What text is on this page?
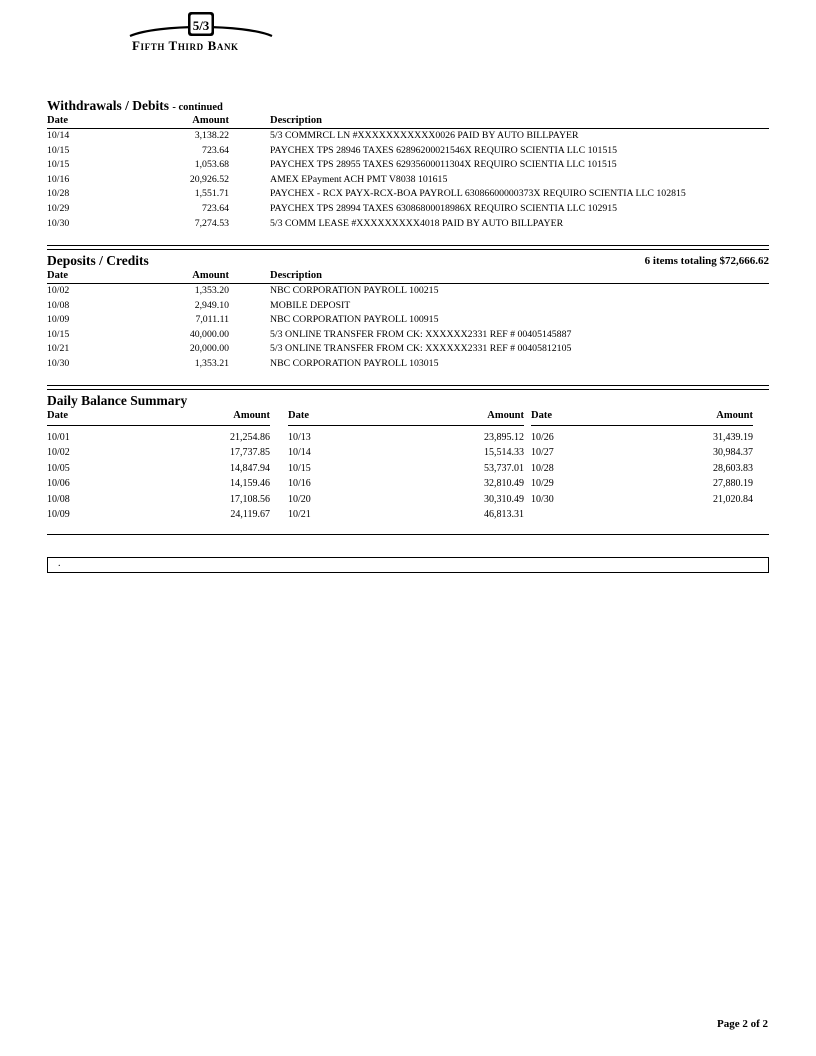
5/3
Fifth Third Bank
Withdrawals / Debits - continued
Date	Amount	Description
10/14	3,138.22	5/3 COMMRCL LN #XXXXXXXXXXX0026 PAID BY AUTO BILLPAYER
10/15	723.64	PAYCHEX TPS 28946 TAXES 62896200021546X REQUIRO SCIENTIA LLC 101515
10/15	1,053.68	PAYCHEX TPS 28955 TAXES 62935600011304X REQUIRO SCIENTIA LLC 101515
10/16	20,926.52	AMEX EPayment ACH PMT V8038 101615
10/28	1,551.71	PAYCHEX - RCX PAYX-RCX-BOA PAYROLL 63086600000373X REQUIRO SCIENTIA LLC 102815
10/29	723.64	PAYCHEX TPS 28994 TAXES 63086800018986X REQUIRO SCIENTIA LLC 102915
10/30	7,274.53	5/3 COMM LEASE #XXXXXXXXX4018 PAID BY AUTO BILLPAYER
Deposits / Credits	6 items totaling $72,666.62
Date	Amount	Description
10/02	1,353.20	NBC CORPORATION PAYROLL 100215
10/08	2,949.10	MOBILE DEPOSIT
10/09	7,011.11	NBC CORPORATION PAYROLL 100915
10/15	40,000.00	5/3 ONLINE TRANSFER FROM CK: XXXXXX2331 REF # 00405145887
10/21	20,000.00	5/3 ONLINE TRANSFER FROM CK: XXXXXX2331 REF # 00405812105
10/30	1,353.21	NBC CORPORATION PAYROLL 103015
Daily Balance Summary
Date	Amount
10/01	21,254.86
10/02	17,737.85
10/05	14,847.94
10/06	14,159.46
10/08	17,108.56
10/09	24,119.67
Date	Amount
10/13	23,895.12
10/14	15,514.33
10/15	53,737.01
10/16	32,810.49
10/20	30,310.49
10/21	46,813.31
Date	Amount
10/26	31,439.19
10/27	30,984.37
10/28	28,603.83
10/29	27,880.19
10/30	21,020.84
.
Page 2 of 2
